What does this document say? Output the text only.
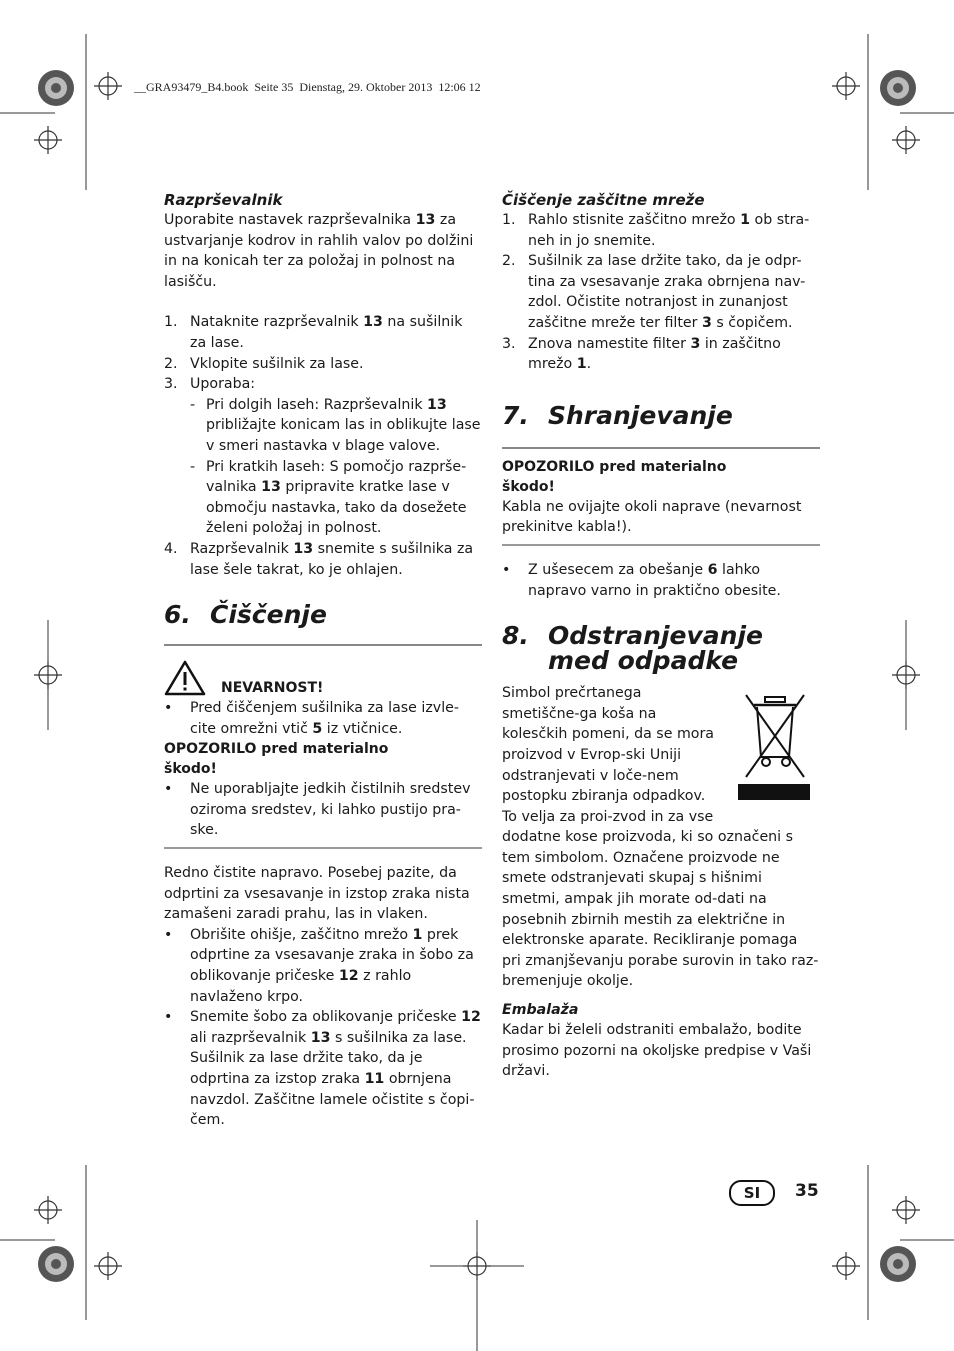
__GRA93479_B4.book  Seite 35  Dienstag, 29. Oktober 2013  12:06 12

Razprševalnik

Uporabite nastavek razprševalnika 13 za ustvarjanje kodrov in rahlih valov po dolžini in na konicah ter za položaj in polnost na lasišču.

1. Nataknite razprševalnik 13 na sušilnik za lase.
2. Vklopite sušilnik za lase.
3. Uporaba:
- Pri dolgih laseh: Razprševalnik 13 približajte konicam las in oblikujte lase v smeri nastavka v blage valove.
- Pri kratkih laseh: S pomočjo razprše-valnika 13 pripravite kratke lase v območju nastavka, tako da dosežete želeni položaj in polnost.
4. Razprševalnik 13 snemite s sušilnika za lase šele takrat, ko je ohlajen.
6. Čiščenje
NEVARNOST!
• Pred čiščenjem sušilnika za lase izvle-cite omrežni vtič 5 iz vtičnice.

OPOZORILO pred materialno škodo!

• Ne uporabljajte jedkih čistilnih sredstev oziroma sredstev, ki lahko pustijo pra-ske.

Redno čistite napravo. Posebej pazite, da odprtini za vsesavanje in izstop zraka nista zamašeni zaradi prahu, las in vlaken.

• Obrišite ohišje, zaščitno mrežo 1 prek odprtine za vsesavanje zraka in šobo za oblikovanje pričeske 12 z rahlo navlaženo krpo.
• Snemite šobo za oblikovanje pričeske 12 ali razprševalnik 13 s sušilnika za lase. Sušilnik za lase držite tako, da je odprtina za izstop zraka 11 obrnjena navzdol. Zaščitne lamele očistite s čopi-čem.

Čiščenje zaščitne mreže

1. Rahlo stisnite zaščitno mrežo 1 ob stra-neh in jo snemite.
2. Sušilnik za lase držite tako, da je odpr-tina za vsesavanje zraka obrnjena nav-zdol. Očistite notranjost in zunanjost zaščitne mreže ter filter 3 s čopičem.
3. Znova namestite filter 3 in zaščitno mrežo 1.
7. Shranjevanje

OPOZORILO pred materialno škodo!

Kabla ne ovijajte okoli naprave (nevarnost prekinitve kabla!).

• Z ušesecem za obešanje 6 lahko napravo varno in praktično obesite.
8. Odstranjevanje med odpadke

Simbol prečrtanega smetiščne-ga koša na kolesčkih pomeni, da se mora proizvod v Evrop-ski Uniji odstranjevati v loče-nem postopku zbiranja odpadkov. To velja za proi-zvod in za vse dodatne kose proizvoda, ki so označeni s tem simbolom. Označene proizvode ne smete odstranjevati skupaj s hišnimi smetmi, ampak jih morate od-dati na posebnih zbirnih mestih za električne in elektronske aparate. Recikliranje pomaga pri zmanjševanju porabe surovin in tako raz-bremenjuje okolje.

Embalaža

Kadar bi želeli odstraniti embalažo, bodite prosimo pozorni na okoljske predpise v Vaši državi.

SI	35
